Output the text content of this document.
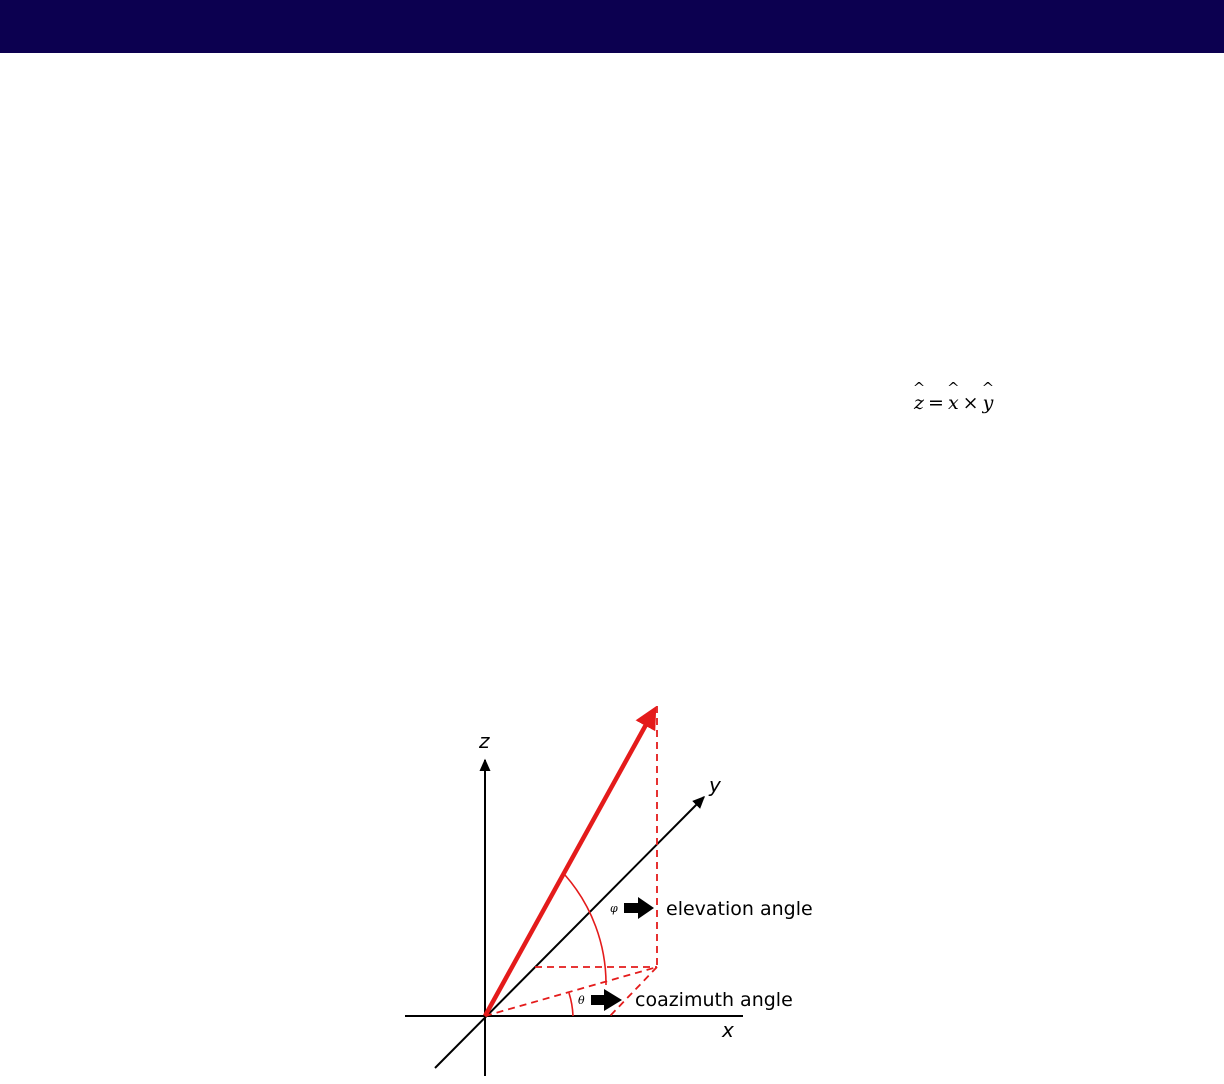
z
^
= x
^
× y
^
z
y
x
φ	elevation angle
θ	coazimuth angle
